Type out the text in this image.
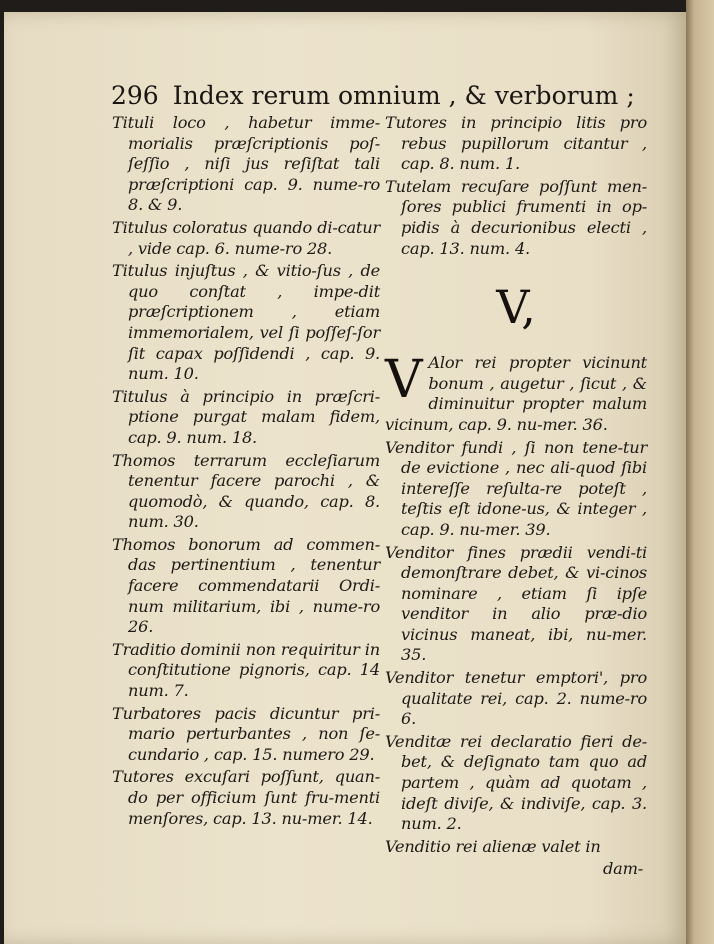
296 Index rerum omnium , & verborum ;

Tituli loco , habetur imme-morialis præſcriptionis poſ-ſeſſio , niſi jus reſiſtat tali præſcriptioni cap. 9. nume-ro 8. & 9.

Titulus coloratus quando di-catur , vide cap. 6. nume-ro 28.

Titulus injuſtus , & vitio-ſus , de quo conſtat , impe-dit præſcriptionem , etiam immemorialem, vel ſi poſſeſ-ſor ſit capax poſſidendi , cap. 9. num. 10.

Titulus à principio in præſcri-ptione purgat malam fidem, cap. 9. num. 18.

Thomos terrarum eccleſiarum tenentur facere parochi , & quomodò, & quando, cap. 8. num. 30.

Thomos bonorum ad commen-das pertinentium , tenentur facere commendatarii Ordi-num militarium, ibi , nume-ro 26.

Traditio dominii non requiritur in conſtitutione pignoris, cap. 14 num. 7.

Turbatores pacis dicuntur pri-mario perturbantes , non ſe-cundario , cap. 15. numero 29.

Tutores excuſari poſſunt, quan-do per officium ſunt fru-menti menſores, cap. 13. nu-mer. 14.

Tutores in principio litis pro rebus pupillorum citantur , cap. 8. num. 1.

Tutelam recuſare poſſunt men-ſores publici frumenti in op-pidis à decurionibus electi , cap. 13. num. 4.

V,

V Alor rei propter vicinunt bonum , augetur , ſicut , & diminuitur propter malum vicinum, cap. 9. nu-mer. 36.

Venditor fundi , ſi non tene-tur de evictione , nec ali-quod ſibi intereſſe reſulta-re poteſt , teſtis eſt idone-us, & integer , cap. 9. nu-mer. 39.

Venditor fines prædii vendi-ti demonſtrare debet, & vi-cinos nominare , etiam ſi ipſe venditor in alio præ-dio vicinus maneat, ibi, nu-mer. 35.

Venditor tenetur emptori', pro qualitate rei, cap. 2. nume-ro 6.

Venditæ rei declaratio fieri de-bet, & deſignato tam quo ad partem , quàm ad quotam , ideſt diviſe, & indiviſe, cap. 3. num. 2.

Venditio rei alienæ valet in

dam-
